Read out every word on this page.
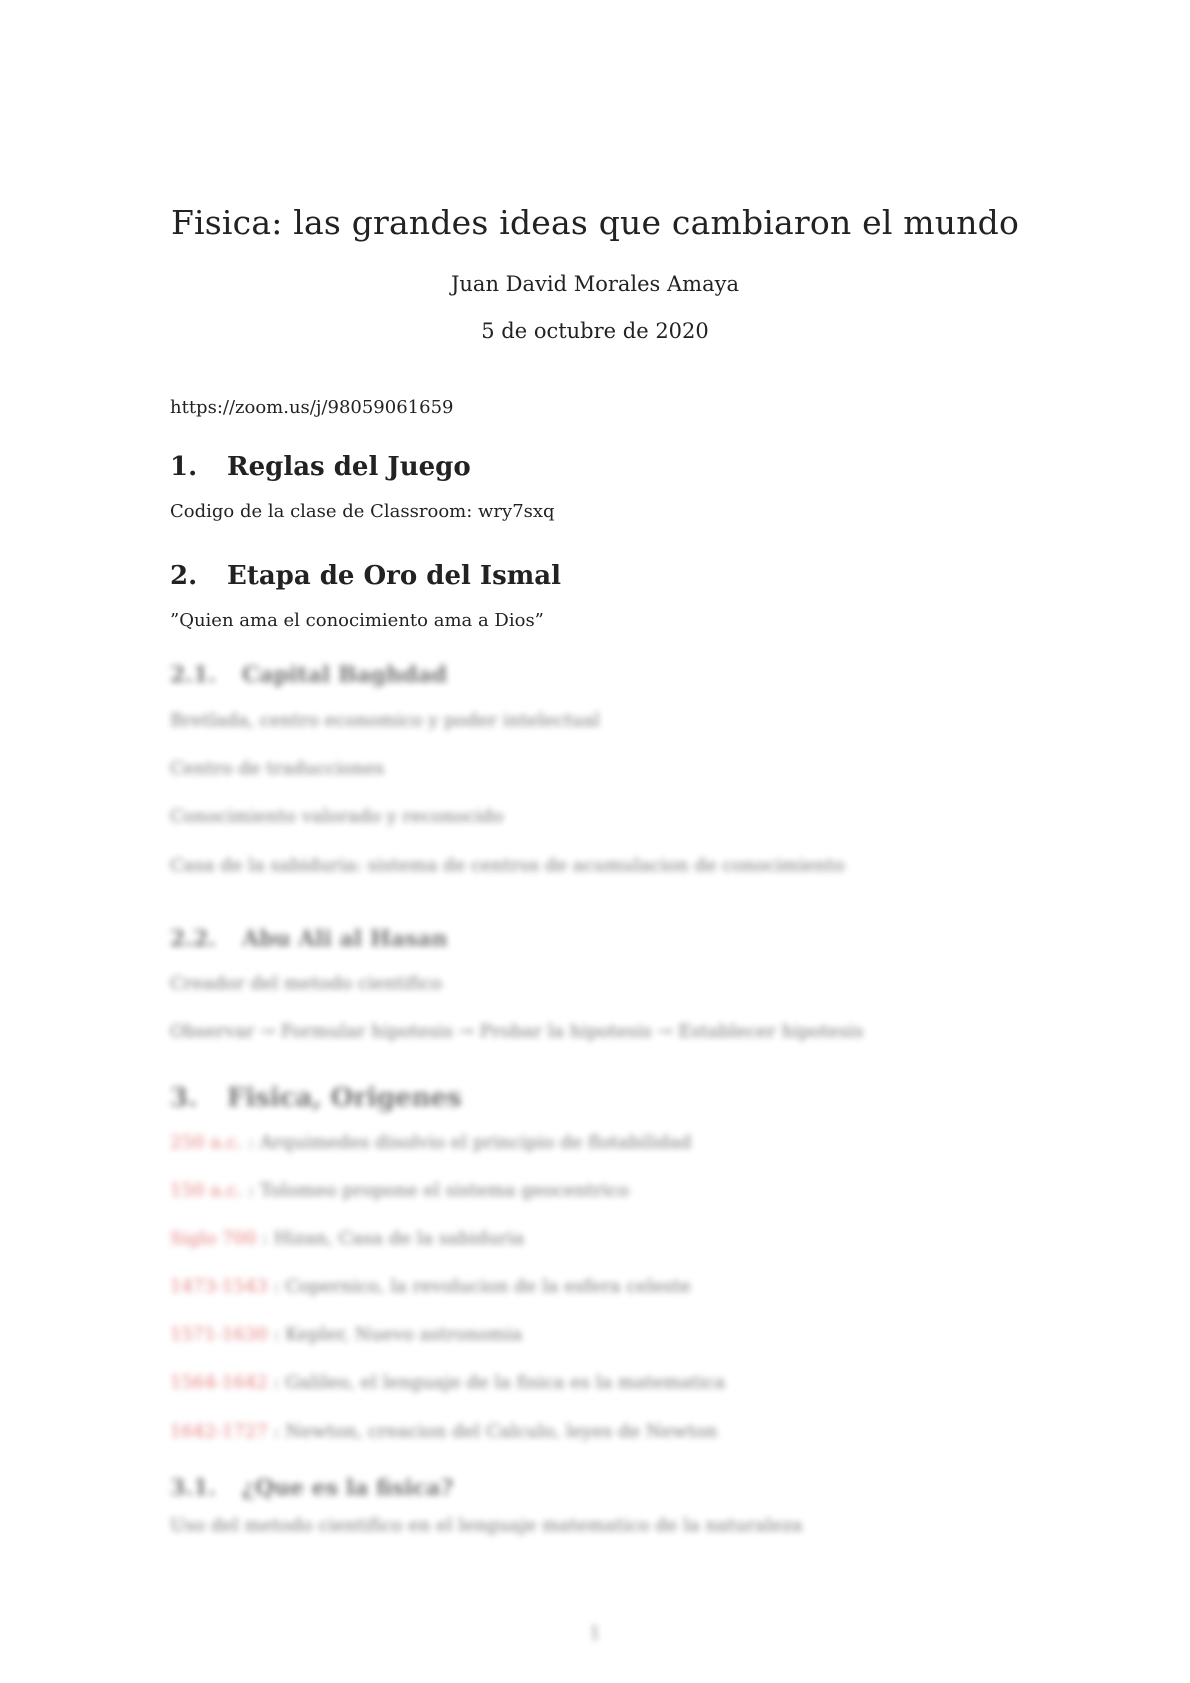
Fisica: las grandes ideas que cambiaron el mundo
Juan David Morales Amaya
5 de octubre de 2020
https://zoom.us/j/98059061659
1. Reglas del Juego
Codigo de la clase de Classroom: wry7sxq
2. Etapa de Oro del Ismal
”Quien ama el conocimiento ama a Dios”
2.1. Capital Baghdad
Bretlada, centro economico y poder intelectual
Centro de traducciones
Conocimiento valorado y reconocido
Casa de la sabiduria: sistema de centros de acumulacion de conocimiento
2.2. Abu Ali al Hasan
Creador del metodo cientifico
Observar → Formular hipotesis → Probar la hipotesis → Establecer hipotesis
3. Fisica, Origenes
250 a.c. : Arquimedes disolvio el principio de flotabilidad
150 a.c. : Tolomeo propone el sistema geocentrico
Siglo 700 : Hizan, Casa de la sabiduria
1473-1543 : Copernico, la revolucion de la esfera celeste
1571-1630 : Kepler, Nuevo astronomia
1564-1642 : Galileo, el lenguaje de la fisica es la matematica
1642-1727 : Newton, creacion del Calculo, leyes de Newton
3.1. ¿Que es la fisica?
Uso del metodo cientifico en el lenguaje matematico de la naturaleza
1
